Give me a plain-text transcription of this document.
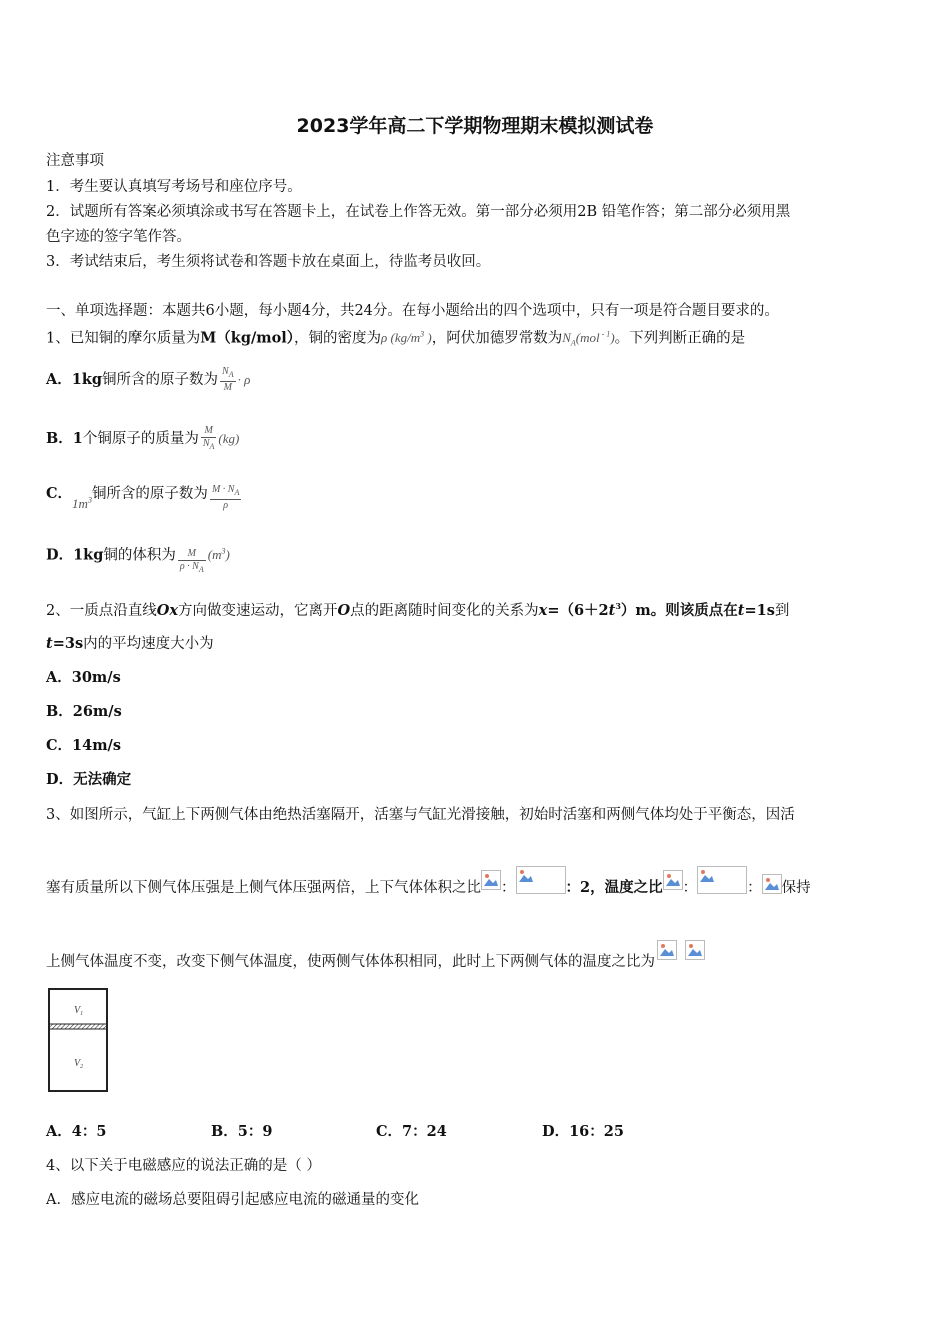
2023学年高二下学期物理期末模拟测试卷
注意事项
1．考生要认真填写考场号和座位序号。
2．试题所有答案必须填涂或书写在答题卡上，在试卷上作答无效。第一部分必须用2B 铅笔作答；第二部分必须用黑
色字迹的签字笔作答。
3．考试结束后，考生须将试卷和答题卡放在桌面上，待监考员收回。
一、单项选择题：本题共6小题，每小题4分，共24分。在每小题给出的四个选项中，只有一项是符合题目要求的。
1、已知铜的摩尔质量为M（kg/mol），铜的密度为ρ ($kg/m^3$ )，阿伏加德罗常数为$N_A(mol$ $^{- 1}$)。下列判断正确的是
A．1kg铜所含的原子数为 $\frac{N_A}{M} \cdot \rho$
B．1个铜原子的质量为 $\frac{M}{N_A} (kg)$
C．$1m^3$铜所含的原子数为 $\frac{M \cdot N_A}{\rho}$
D．1kg铜的体积为 $\frac{M}{\rho \cdot N_A} (m^3)$
2、一质点沿直线Ox方向做变速运动，它离开O点的距离随时间变化的关系为$x=(6+2t^3)m$。则该质点在t=1s到
t=3s内的平均速度大小为
A．30m/s
B．26m/s
C．14m/s
D．无法确定
3、如图所示，气缸上下两侧气体由绝热活塞隔开，活塞与气缸光滑接触，初始时活塞和两侧气体均处于平衡态，因活
塞有质量所以下侧气体压强是上侧气体压强两倍，上下气体体积之比 ：	：2，温度之比 ：	： 保持
上侧气体温度不变，改变下侧气体温度，使两侧气体体积相同，此时上下两侧气体的温度之比为
$V_1$
$V_2$
A．4：5	B．5：9	C．7：24	D．16：25
4、以下关于电磁感应的说法正确的是（ ）
A．感应电流的磁场总要阻碍引起感应电流的磁通量的变化
